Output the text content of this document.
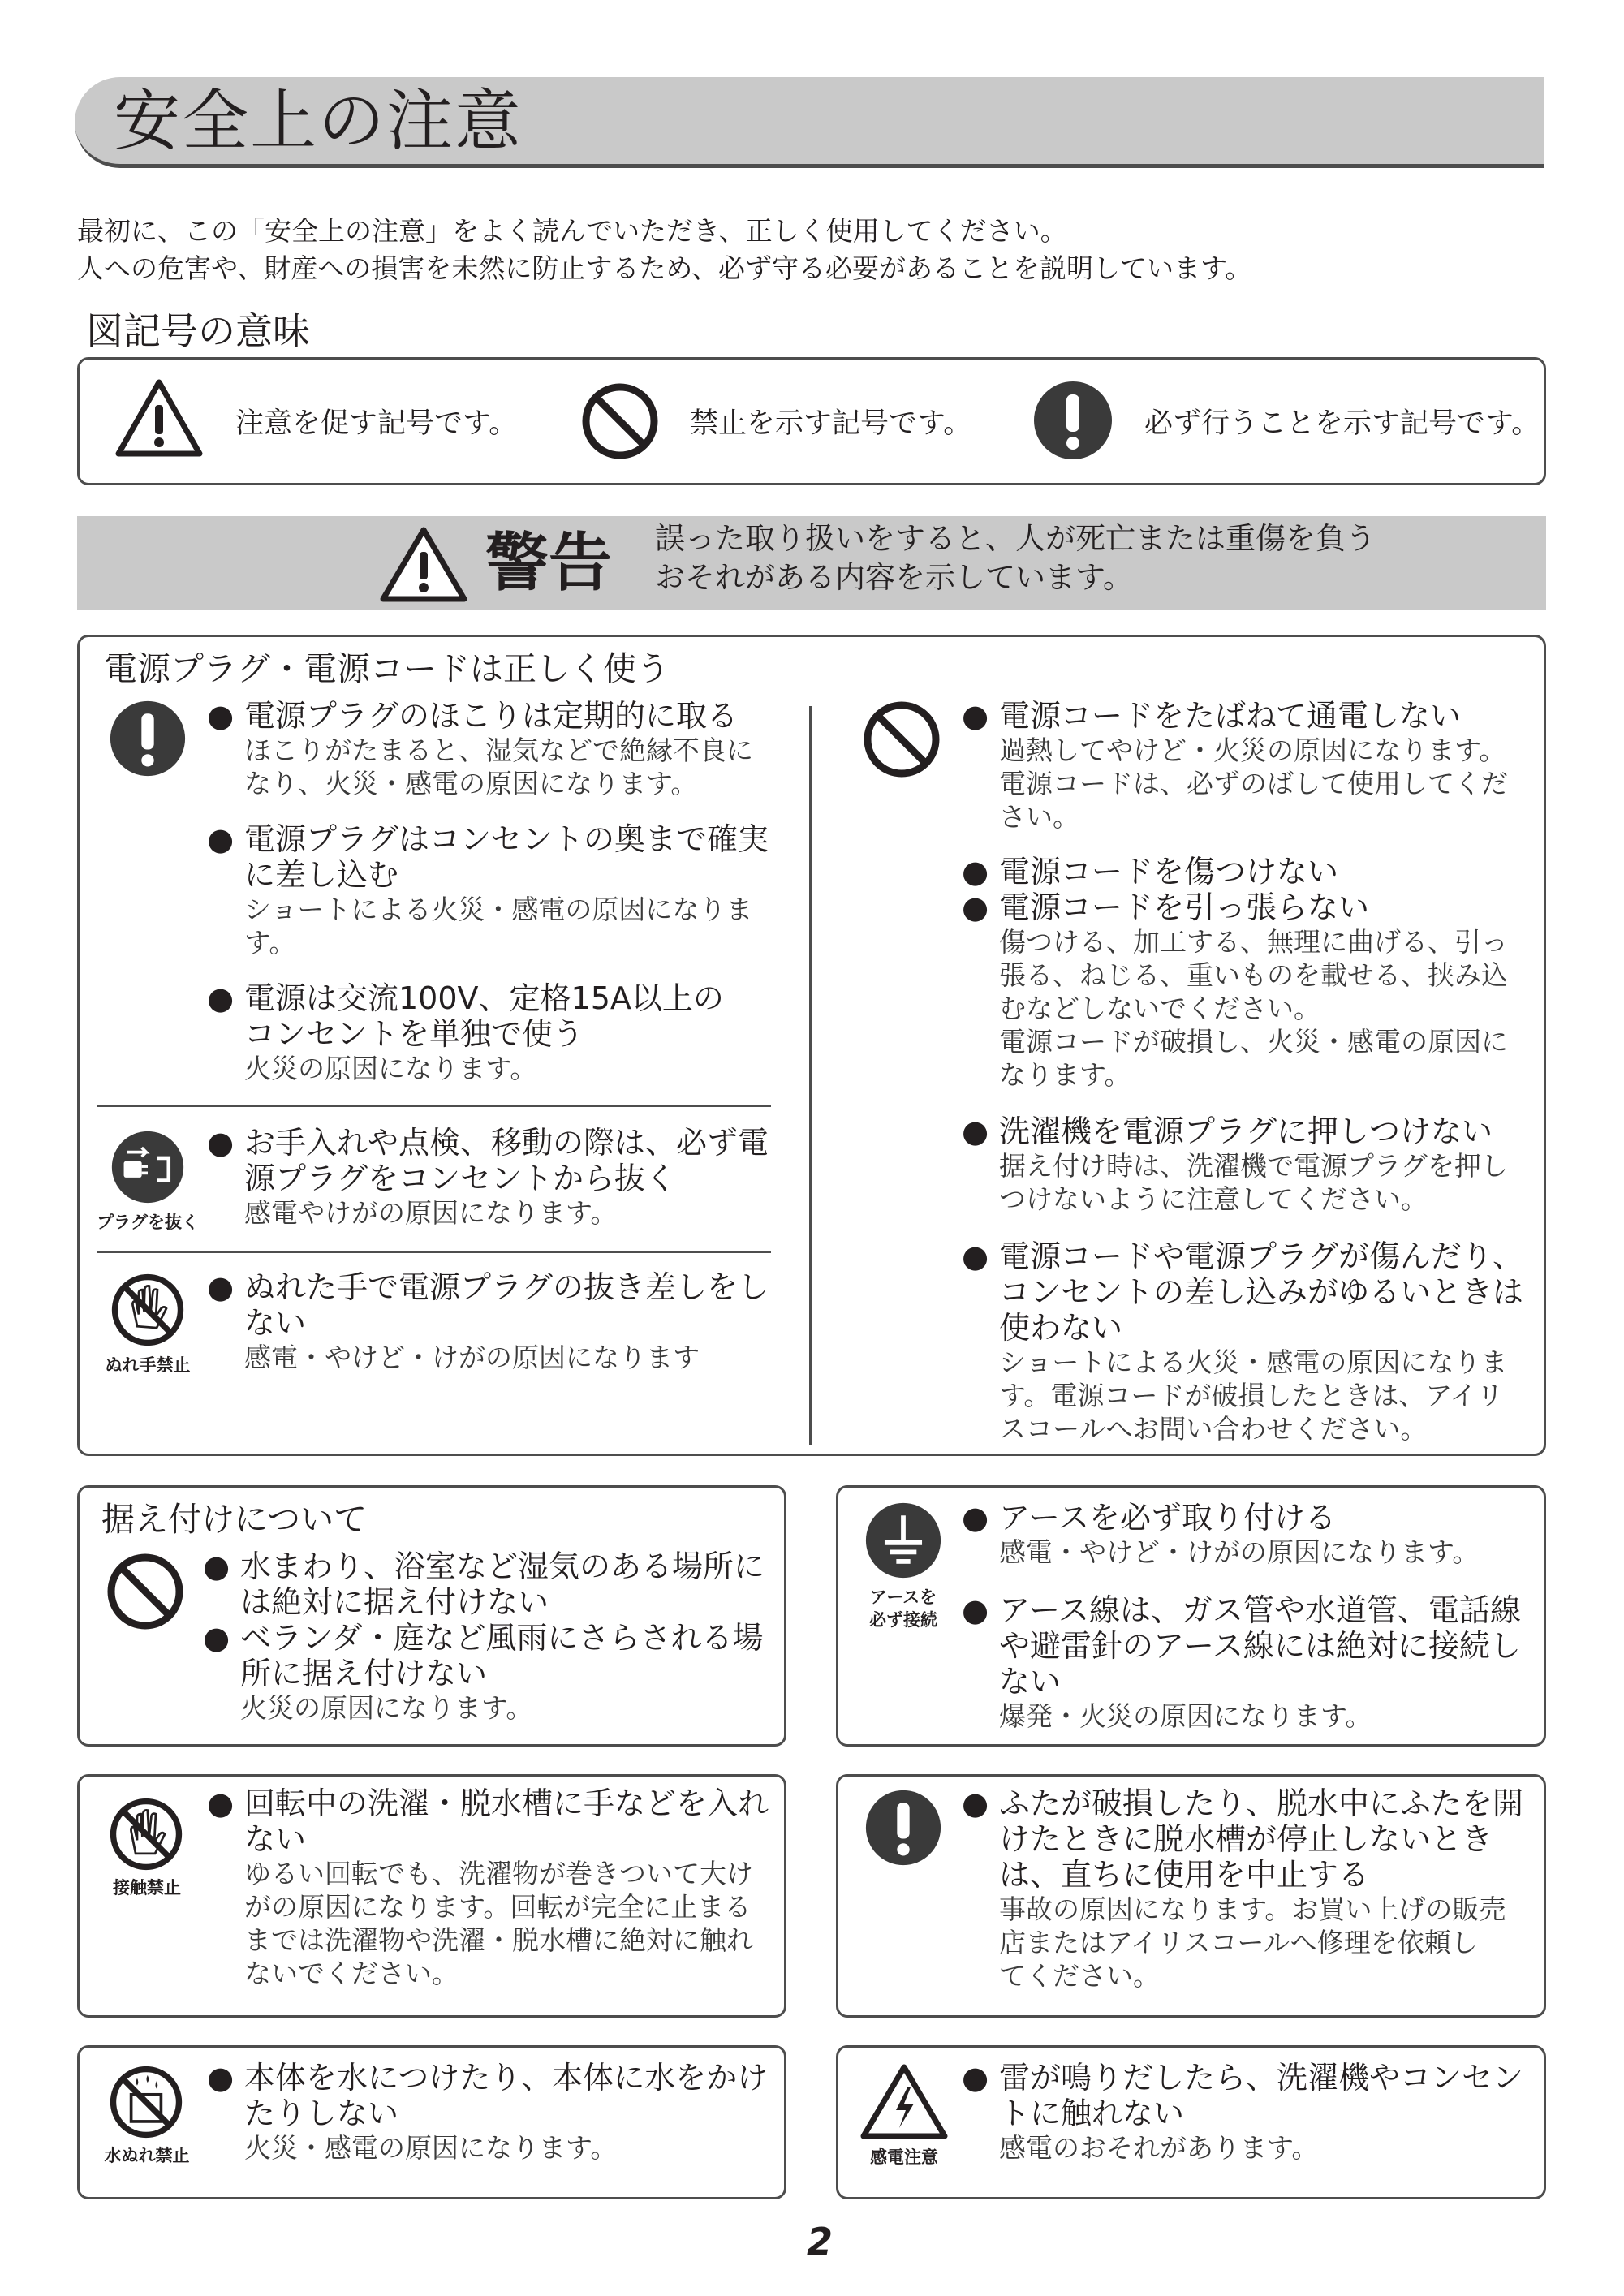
安全上の注意
最初に、この「安全上の注意」をよく読んでいただき、正しく使用してください。
人への危害や、財産への損害を未然に防止するため、必ず守る必要があることを説明しています。
図記号の意味
注意を促す記号です。	禁止を示す記号です。	必ず行うことを示す記号です。
警告 誤った取り扱いをすると、人が死亡または重傷を負う
おそれがある内容を示しています。
電源プラグ・電源コードは正しく使う
● 電源プラグのほこりは定期的に取る
ほこりがたまると、湿気などで絶縁不良に
なり、火災・感電の原因になります。
● 電源プラグはコンセントの奥まで確実
に差し込む
ショートによる火災・感電の原因になりま
す。
● 電源は交流100V、定格15A以上の
コンセントを単独で使う
火災の原因になります。
プラグを抜く
● お手入れや点検、移動の際は、必ず電
源プラグをコンセントから抜く
感電やけがの原因になります。
ぬれ手禁止
● ぬれた手で電源プラグの抜き差しをし
ない
感電・やけど・けがの原因になります
● 電源コードをたばねて通電しない
過熱してやけど・火災の原因になります。
電源コードは、必ずのばして使用してくだ
さい。
● 電源コードを傷つけない
● 電源コードを引っ張らない
傷つける、加工する、無理に曲げる、引っ
張る、ねじる、重いものを載せる、挟み込
むなどしないでください。
電源コードが破損し、火災・感電の原因に
なります。
● 洗濯機を電源プラグに押しつけない
据え付け時は、洗濯機で電源プラグを押し
つけないように注意してください。
● 電源コードや電源プラグが傷んだり、
コンセントの差し込みがゆるいときは
使わない
ショートによる火災・感電の原因になりま
す。電源コードが破損したときは、アイリ
スコールへお問い合わせください。
据え付けについて
● 水まわり、浴室など湿気のある場所に
は絶対に据え付けない
● ベランダ・庭など風雨にさらされる場
所に据え付けない
火災の原因になります。
アースを
必ず接続
● アースを必ず取り付ける
感電・やけど・けがの原因になります。
● アース線は、ガス管や水道管、電話線
や避雷針のアース線には絶対に接続し
ない
爆発・火災の原因になります。
接触禁止
● 回転中の洗濯・脱水槽に手などを入れ
ない
ゆるい回転でも、洗濯物が巻きついて大け
がの原因になります。回転が完全に止まる
までは洗濯物や洗濯・脱水槽に絶対に触れ
ないでください。
● ふたが破損したり、脱水中にふたを開
けたときに脱水槽が停止しないとき
は、直ちに使用を中止する
事故の原因になります。お買い上げの販売
店またはアイリスコールへ修理を依頼し
てください。
水ぬれ禁止
● 本体を水につけたり、本体に水をかけ
たりしない
火災・感電の原因になります。	感電注意
● 雷が鳴りだしたら、洗濯機やコンセン
トに触れない
感電のおそれがあります。
2
